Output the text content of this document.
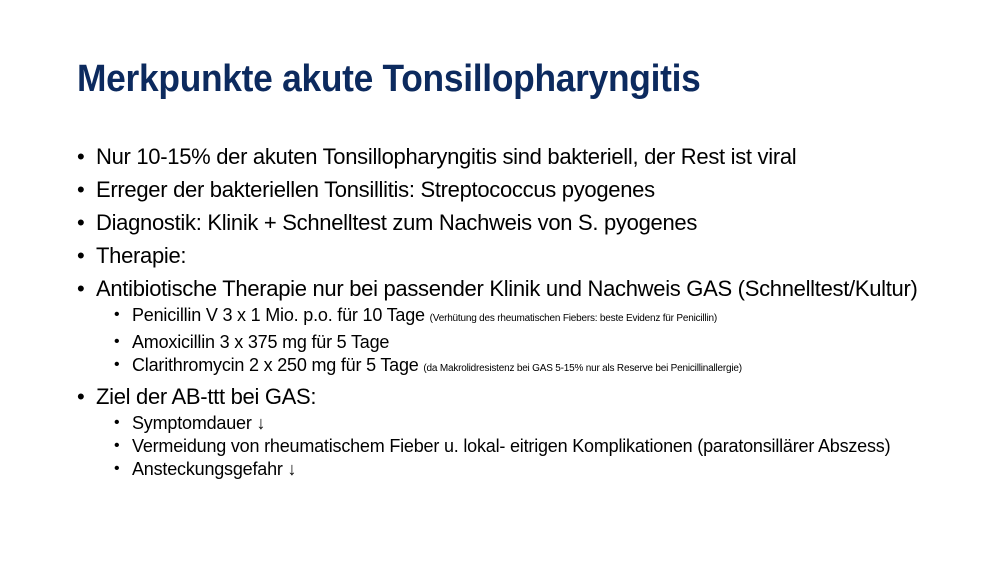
Merkpunkte akute Tonsillopharyngitis
• Nur 10-15% der akuten Tonsillopharyngitis sind bakteriell, der Rest ist viral
• Erreger der bakteriellen Tonsillitis: Streptococcus pyogenes
• Diagnostik: Klinik + Schnelltest zum Nachweis von S. pyogenes
• Therapie:
• Antibiotische Therapie nur bei passender Klinik und Nachweis GAS (Schnelltest/Kultur)
• Penicillin V 3 x 1 Mio. p.o. für 10 Tage (Verhütung des rheumatischen Fiebers: beste Evidenz für Penicillin)
• Amoxicillin 3 x 375 mg für 5 Tage
• Clarithromycin 2 x 250 mg für 5 Tage (da Makrolidresistenz bei GAS 5-15% nur als Reserve bei Penicillinallergie)
• Ziel der AB-ttt bei GAS:
• Symptomdauer ↓
• Vermeidung von rheumatischem Fieber u. lokal- eitrigen Komplikationen (paratonsillärer Abszess)
• Ansteckungsgefahr ↓
